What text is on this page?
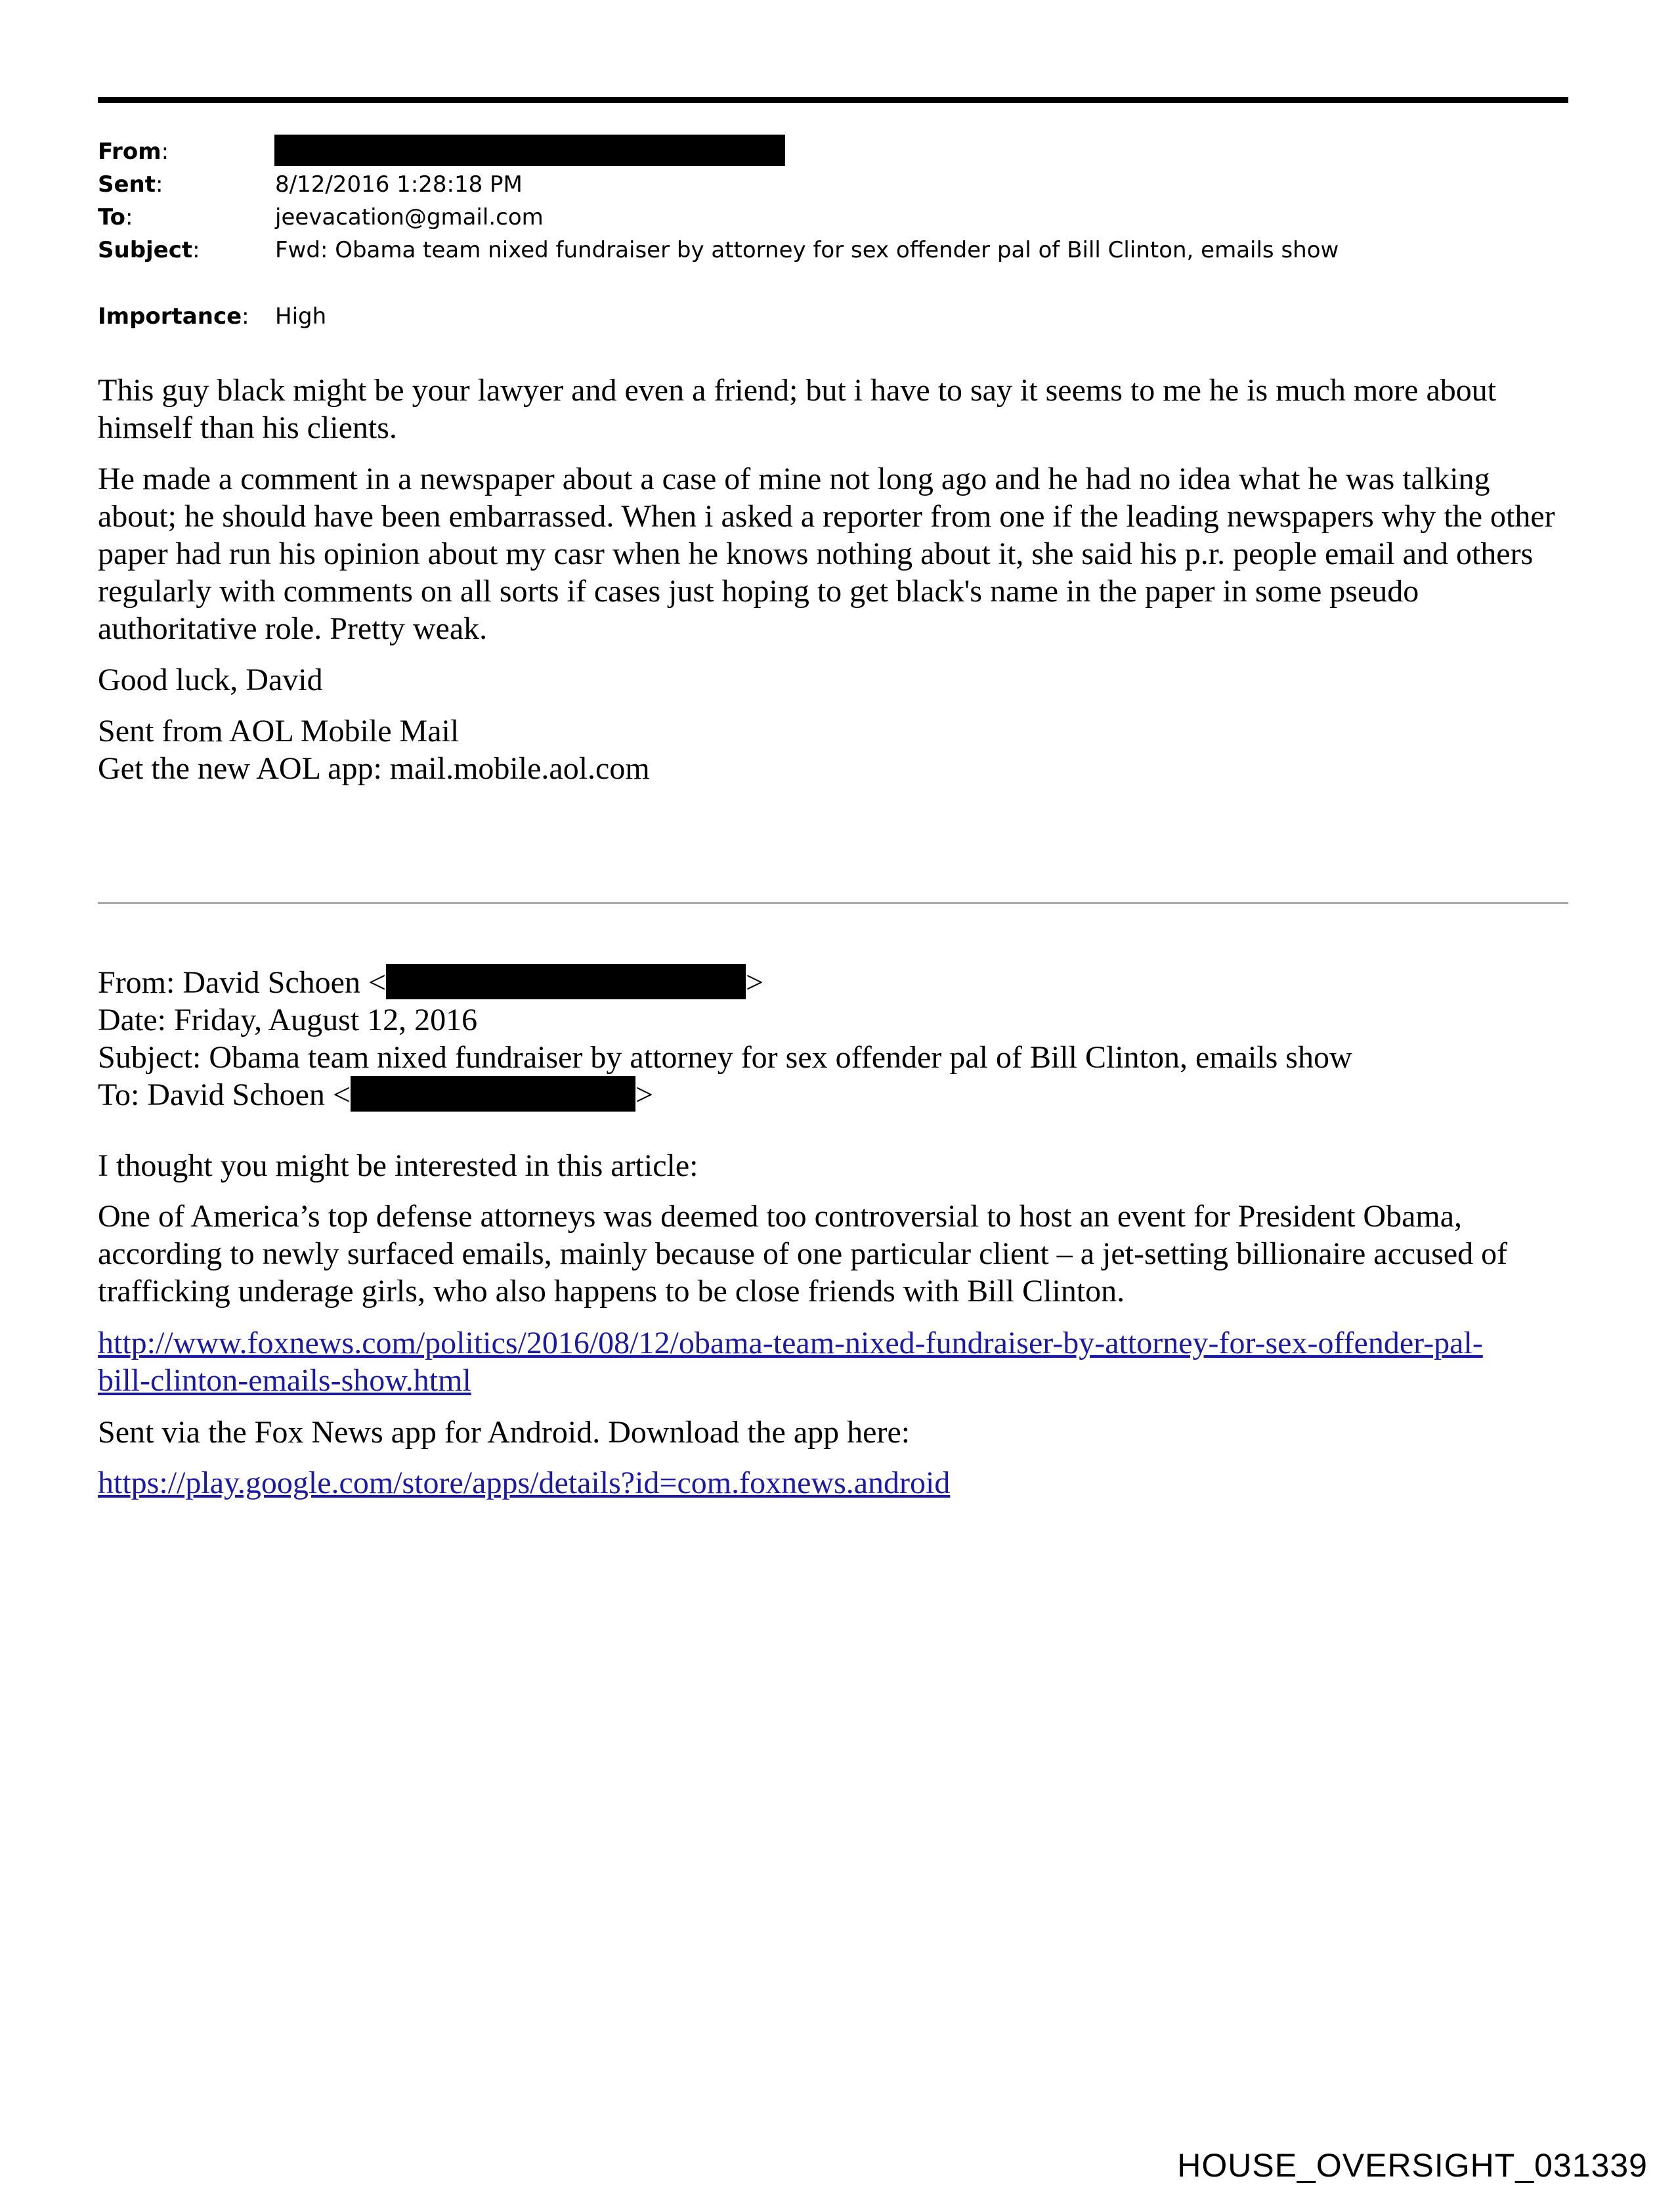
From:
Sent:	8/12/2016 1:28:18 PM
To:	jeevacation@gmail.com
Subject:	Fwd: Obama team nixed fundraiser by attorney for sex offender pal of Bill Clinton, emails show
Importance: High
This guy black might be your lawyer and even a friend; but i have to say it seems to me he is much more about himself than his clients.
He made a comment in a newspaper about a case of mine not long ago and he had no idea what he was talking about; he should have been embarrassed. When i asked a reporter from one if the leading newspapers why the other paper had run his opinion about my casr when he knows nothing about it, she said his p.r. people email and others regularly with comments on all sorts if cases just hoping to get black's name in the paper in some pseudo authoritative role. Pretty weak.
Good luck, David
Sent from AOL Mobile Mail
Get the new AOL app: mail.mobile.aol.com
From: David Schoen <	>
Date: Friday, August 12, 2016
Subject: Obama team nixed fundraiser by attorney for sex offender pal of Bill Clinton, emails show
To: David Schoen <	>
I thought you might be interested in this article:
One of America’s top defense attorneys was deemed too controversial to host an event for President Obama, according to newly surfaced emails, mainly because of one particular client – a jet-setting billionaire accused of trafficking underage girls, who also happens to be close friends with Bill Clinton.
http://www.foxnews.com/politics/2016/08/12/obama-team-nixed-fundraiser-by-attorney-for-sex-offender-pal-
bill-clinton-emails-show.html
Sent via the Fox News app for Android. Download the app here:
https://play.google.com/store/apps/details?id=com.foxnews.android
HOUSE_OVERSIGHT_031339
